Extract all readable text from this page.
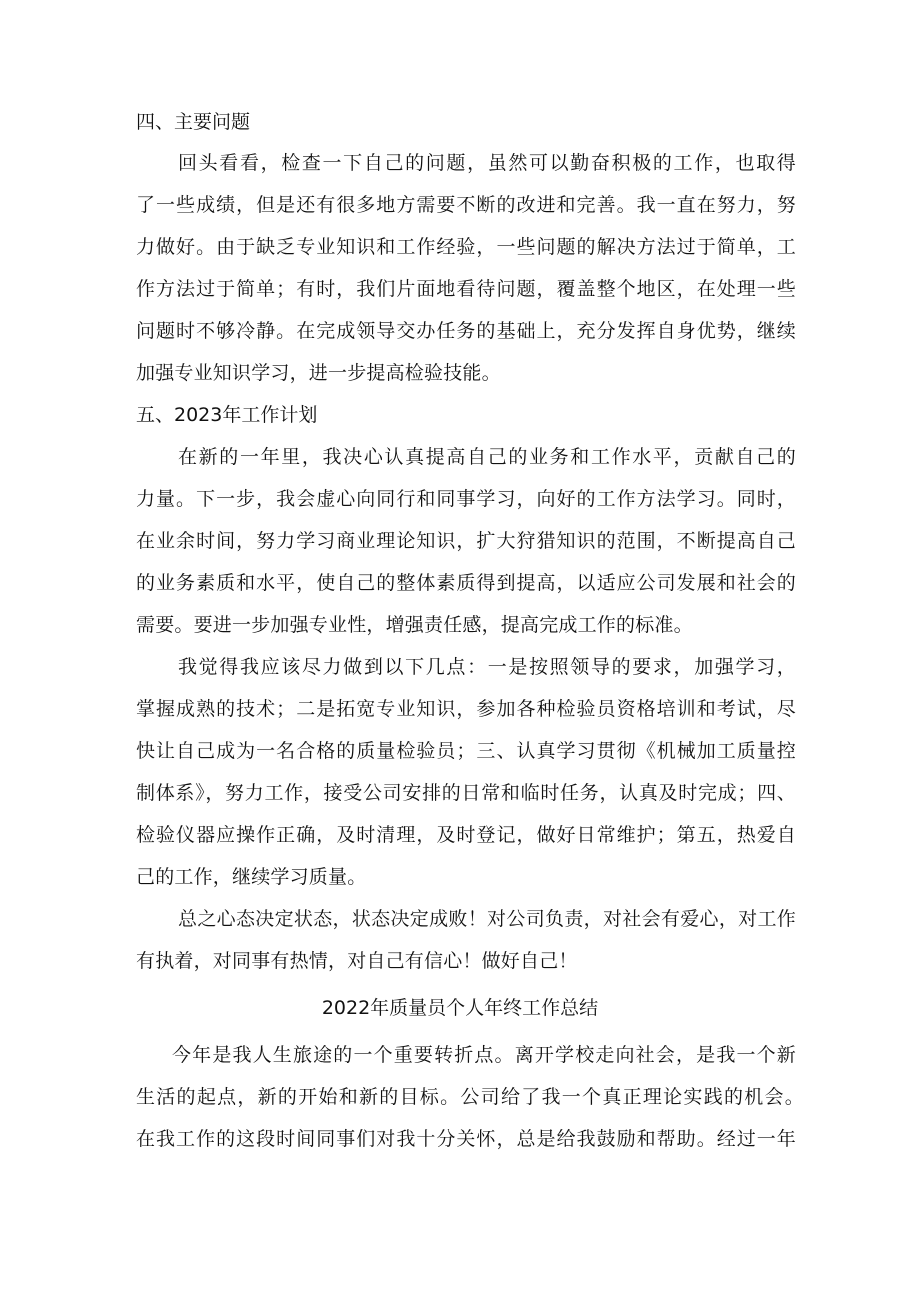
四、主要问题
回头看看，检查一下自己的问题，虽然可以勤奋积极的工作，也取得
了一些成绩，但是还有很多地方需要不断的改进和完善。我一直在努力，努
力做好。由于缺乏专业知识和工作经验，一些问题的解决方法过于简单，工
作方法过于简单；有时，我们片面地看待问题，覆盖整个地区，在处理一些
问题时不够冷静。在完成领导交办任务的基础上，充分发挥自身优势，继续
加强专业知识学习，进一步提高检验技能。
五、2023年工作计划
在新的一年里，我决心认真提高自己的业务和工作水平，贡献自己的
力量。下一步，我会虚心向同行和同事学习，向好的工作方法学习。同时，
在业余时间，努力学习商业理论知识，扩大狩猎知识的范围，不断提高自己
的业务素质和水平，使自己的整体素质得到提高，以适应公司发展和社会的
需要。要进一步加强专业性，增强责任感，提高完成工作的标准。
我觉得我应该尽力做到以下几点：一是按照领导的要求，加强学习，
掌握成熟的技术；二是拓宽专业知识，参加各种检验员资格培训和考试，尽
快让自己成为一名合格的质量检验员；三、认真学习贯彻《机械加工质量控
制体系》，努力工作，接受公司安排的日常和临时任务，认真及时完成；四、
检验仪器应操作正确，及时清理，及时登记，做好日常维护；第五，热爱自
己的工作，继续学习质量。
总之心态决定状态，状态决定成败！对公司负责，对社会有爱心，对工作
有执着，对同事有热情，对自己有信心！做好自己！
2022年质量员个人年终工作总结
今年是我人生旅途的一个重要转折点。离开学校走向社会，是我一个新
生活的起点，新的开始和新的目标。公司给了我一个真正理论实践的机会。
在我工作的这段时间同事们对我十分关怀，总是给我鼓励和帮助。经过一年
